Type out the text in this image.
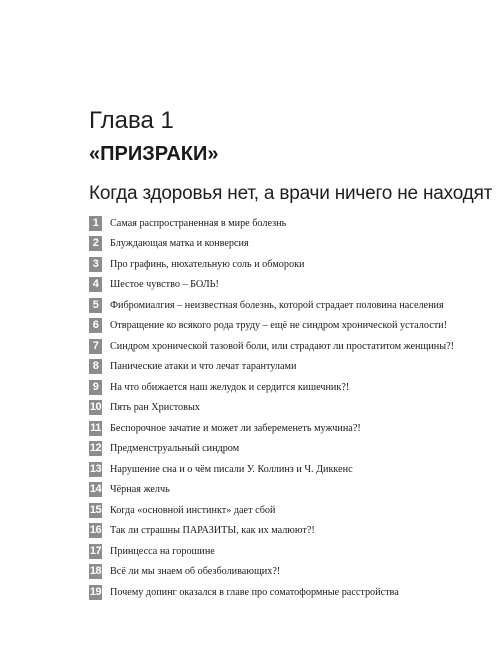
Глава 1
«ПРИЗРАКИ»
Когда здоровья нет, а врачи ничего не находят
1	Самая распространенная в мире болезнь
2	Блуждающая матка и конверсия
3	Про графинь, нюхательную соль и обмороки
4	Шестое чувство – БОЛЬ!
5	Фибромиалгия – неизвестная болезнь, которой страдает половина населения
6	Отвращение ко всякого рода труду – ещё не синдром хронической усталости!
7	Синдром хронической тазовой боли, или страдают ли простатитом женщины?!
8	Панические атаки и что лечат тарантулами
9	На что обижается наш желудок и сердится кишечник?!
10 Пять ран Христовых
11 Беспорочное зачатие и может ли забеременеть мужчина?!
12 Предменструальный синдром
13 Нарушение сна и о чём писали У. Коллинз и Ч. Диккенс
14 Чёрная желчь
15 Когда «основной инстинкт» дает сбой
16 Так ли страшны ПАРАЗИТЫ, как их малюют?!
17 Принцесса на горошине
18 Всё ли мы знаем об обезболивающих?!
19 Почему допинг оказался в главе про соматоформные расстройства
